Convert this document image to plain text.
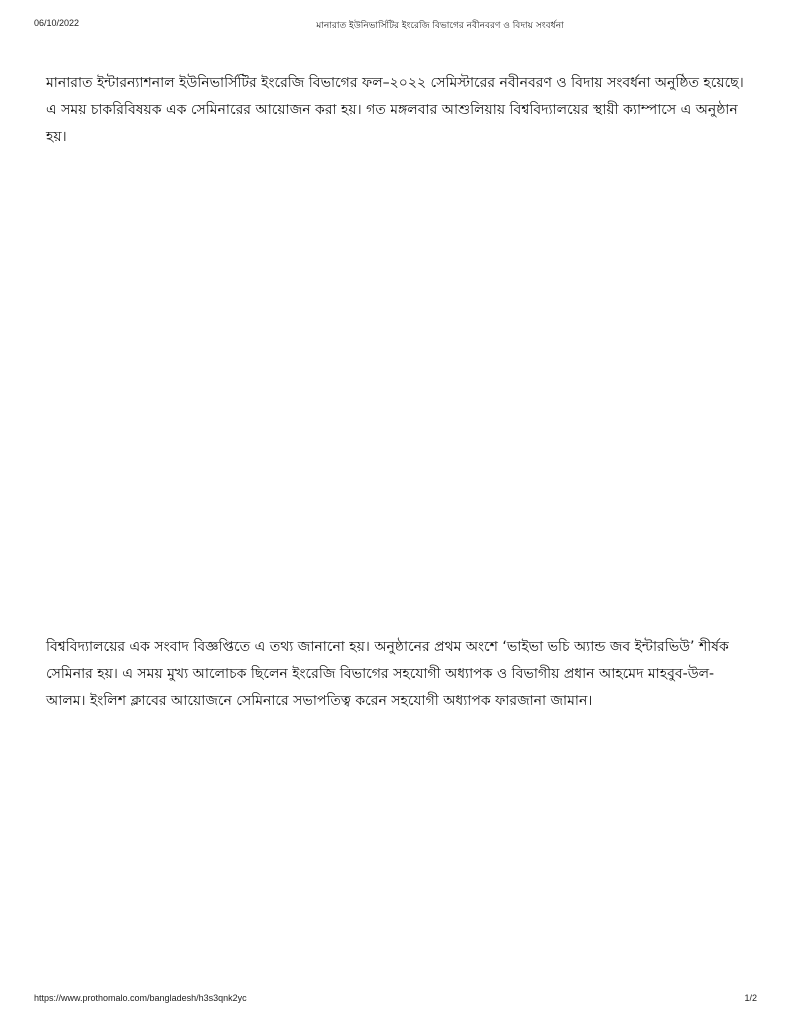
06/10/2022	মানারাত ইউনিভার্সিটির ইংরেজি বিভাগের নবীনবরণ ও বিদায় সংবর্ধনা

মানারাত ইন্টারন্যাশনাল ইউনিভার্সিটির ইংরেজি বিভাগের ফল–২০২২ সেমিস্টারের নবীনবরণ ও বিদায় সংবর্ধনা অনুষ্ঠিত হয়েছে। এ সময় চাকরিবিষয়ক এক সেমিনারের আয়োজন করা হয়। গত মঙ্গলবার আশুলিয়ায় বিশ্ববিদ্যালয়ের স্থায়ী ক্যাম্পাসে এ অনুষ্ঠান হয়।

বিশ্ববিদ্যালয়ের এক সংবাদ বিজ্ঞপ্তিতে এ তথ্য জানানো হয়। অনুষ্ঠানের প্রথম অংশে ‘ভাইভা ভচি অ্যান্ড জব ইন্টারভিউ’ শীর্ষক সেমিনার হয়। এ সময় মুখ্য আলোচক ছিলেন ইংরেজি বিভাগের সহযোগী অধ্যাপক ও বিভাগীয় প্রধান আহমেদ মাহবুব-উল-আলম। ইংলিশ ক্লাবের আয়োজনে সেমিনারে সভাপতিত্ব করেন সহযোগী অধ্যাপক ফারজানা জামান।

https://www.prothomalo.com/bangladesh/h3s3qnk2yc	1/2
